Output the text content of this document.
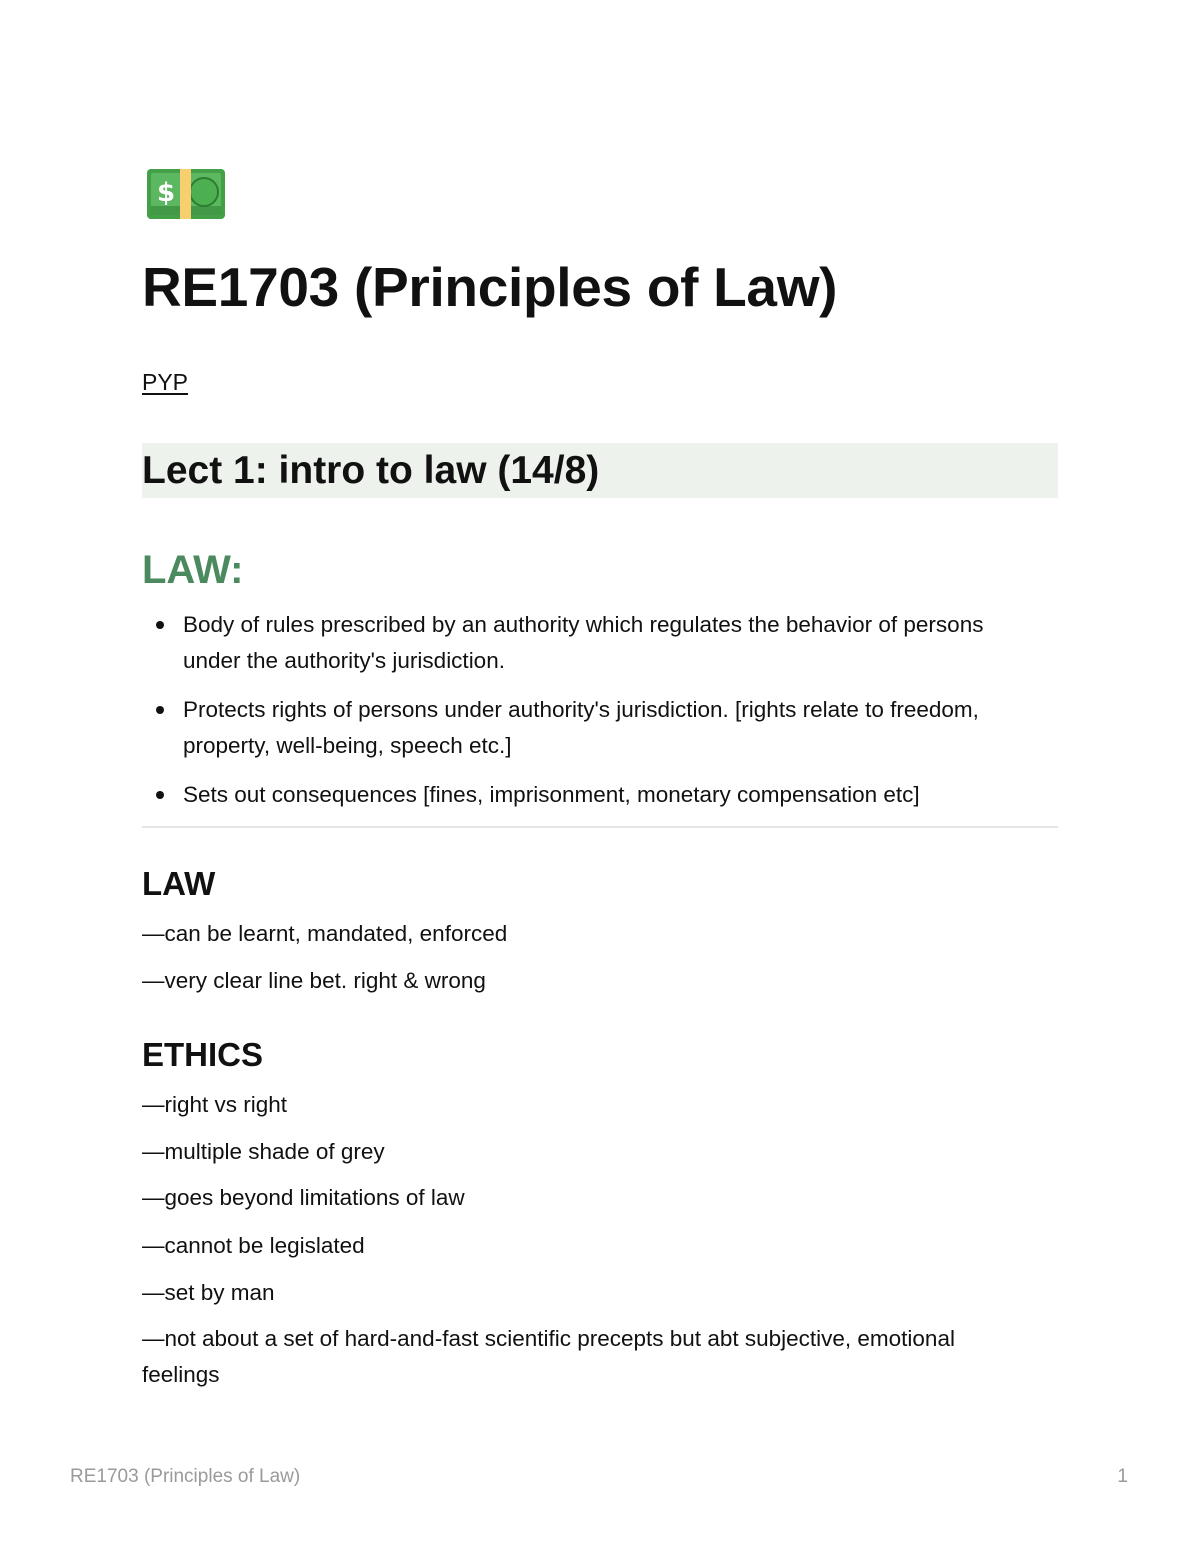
$
RE1703 (Principles of Law)
PYP
Lect 1: intro to law (14/8)
LAW:
Body of rules prescribed by an authority which regulates the behavior of persons under the authority's jurisdiction.
Protects rights of persons under authority's jurisdiction. [rights relate to freedom, property, well-being, speech etc.]
Sets out consequences [fines, imprisonment, monetary compensation etc]
LAW

—can be learnt, mandated, enforced

—very clear line bet. right & wrong

ETHICS

—right vs right

—multiple shade of grey

—goes beyond limitations of law

—cannot be legislated

—set by man

—not about a set of hard-and-fast scientific precepts but abt subjective, emotional feelings

RE1703 (Principles of Law)	1
